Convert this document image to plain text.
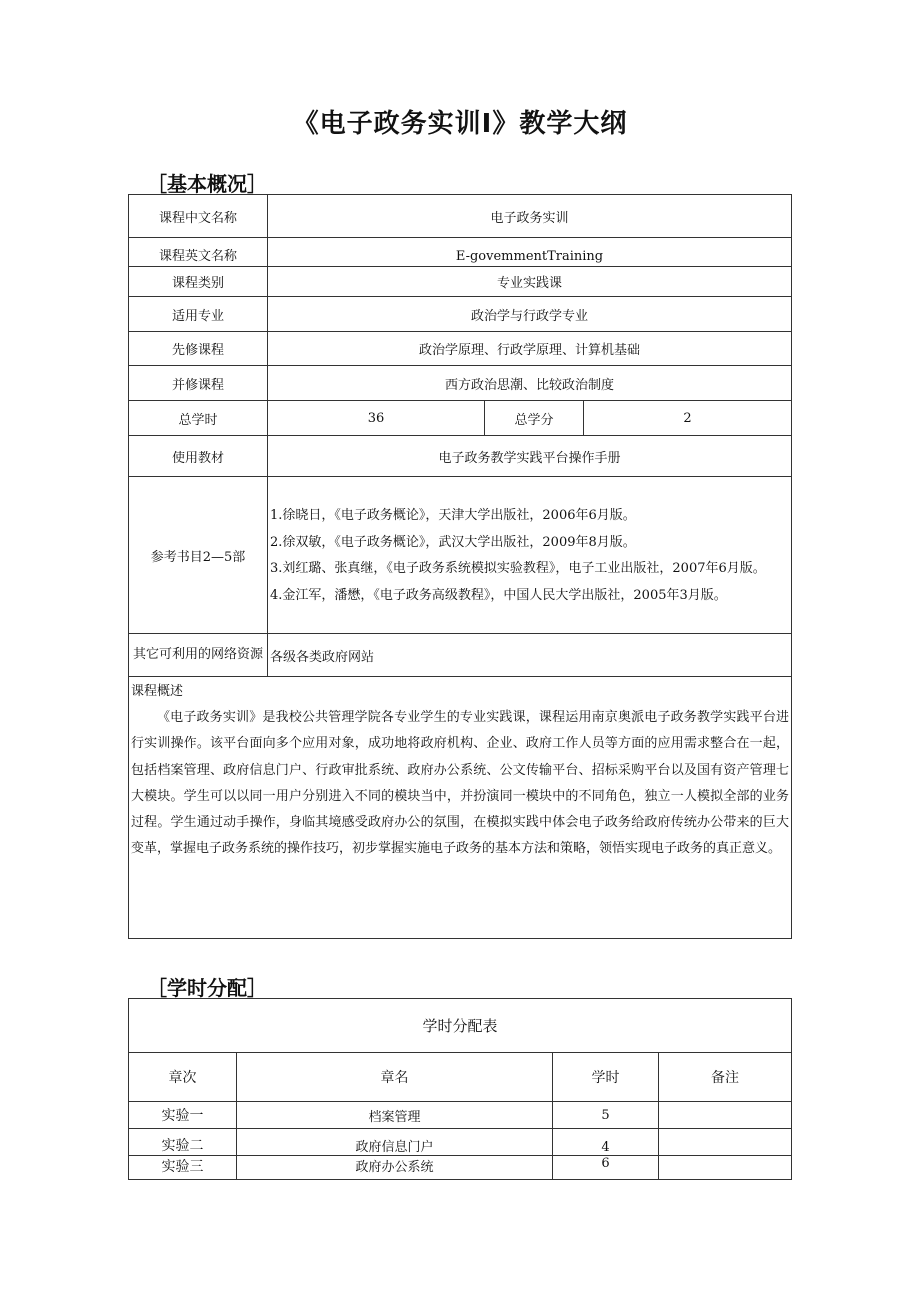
《电子政务实训Ⅰ》教学大纲
［基本概况］
课程中文名称	电子政务实训		
课程英文名称	E-govemmentTraining		
课程类别	专业实践课		
适用专业	政治学与行政学专业		
先修课程	政治学原理、行政学原理、计算机基础		
并修课程	西方政治思潮、比较政治制度		
总学时	36	总学分	2
使用教材	电子政务教学实践平台操作手册		
参考书目2—5部	1.徐晓日，《电子政务概论》，天津大学出版社，2006年6月版。
2.徐双敏，《电子政务概论》，武汉大学出版社，2009年8月版。
3.刘红璐、张真继，《电子政务系统模拟实验教程》，电子工业出版社，2007年6月版。
4.金江军，潘懋，《电子政务高级教程》，中国人民大学出版社，2005年3月版。		

其它可利用的网络资源	各级各类政府网站		

课程概述
《电子政务实训》是我校公共管理学院各专业学生的专业实践课，课程运用南京奥派电子政务教学实践平台进行实训操作。该平台面向多个应用对象，成功地将政府机构、企业、政府工作人员等方面的应用需求整合在一起，包括档案管理、政府信息门户、行政审批系统、政府办公系统、公文传输平台、招标采购平台以及国有资产管理七大模块。学生可以以同一用户分别进入不同的模块当中，并扮演同一模块中的不同角色，独立一人模拟全部的业务过程。学生通过动手操作，身临其境感受政府办公的氛围，在模拟实践中体会电子政务给政府传统办公带来的巨大变革，掌握电子政务系统的操作技巧，初步掌握实施电子政务的基本方法和策略，领悟实现电子政务的真正意义。			
［学时分配］
学时分配表			
章次	章名	学时	备注
实验一	档案管理	5	
实验二	政府信息门户	4	
实验三	政府办公系统	6	
